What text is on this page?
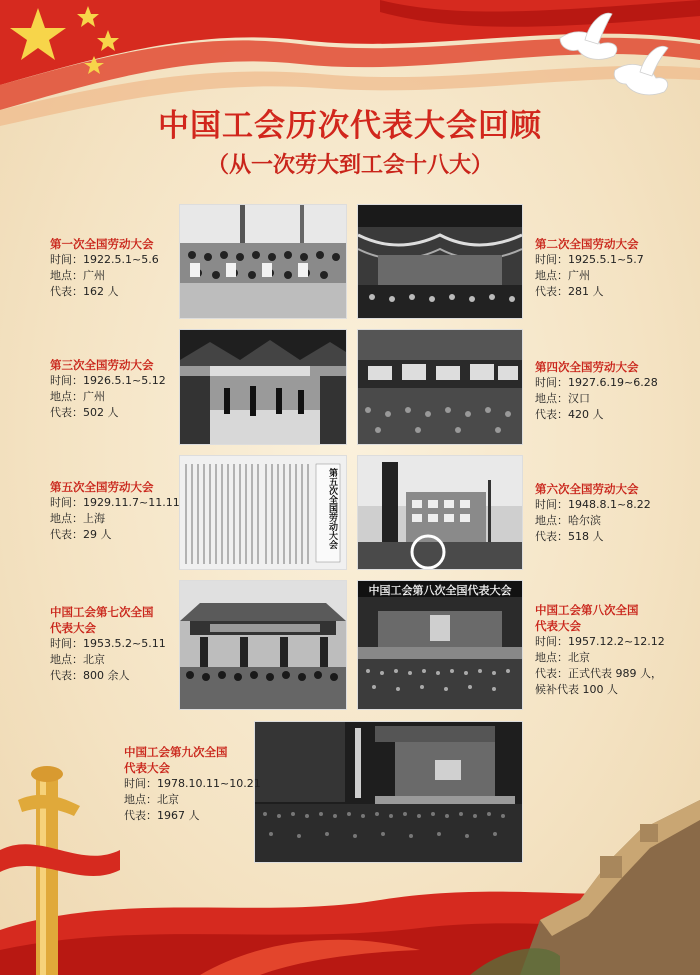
中国工会历次代表大会回顾
（从一次劳大到工会十八大）
第五次全国劳动大会
中国工会第八次全国代表大会
第一次全国劳动大会
时间：1922.5.1~5.6
地点：广州
代表：162 人
第二次全国劳动大会
时间：1925.5.1~5.7
地点：广州
代表：281 人
第三次全国劳动大会
时间：1926.5.1~5.12
地点：广州
代表：502 人
第四次全国劳动大会
时间：1927.6.19~6.28
地点：汉口
代表：420 人
第五次全国劳动大会
时间：1929.11.7~11.11
地点：上海
代表：29 人
第六次全国劳动大会
时间：1948.8.1~8.22
地点：哈尔滨
代表：518 人
中国工会第七次全国
代表大会
时间：1953.5.2~5.11
地点：北京
代表：800 余人
中国工会第八次全国
代表大会
时间：1957.12.2~12.12
地点：北京
代表：正式代表 989 人，
候补代表 100 人
中国工会第九次全国
代表大会
时间：1978.10.11~10.21
地点：北京
代表：1967 人
